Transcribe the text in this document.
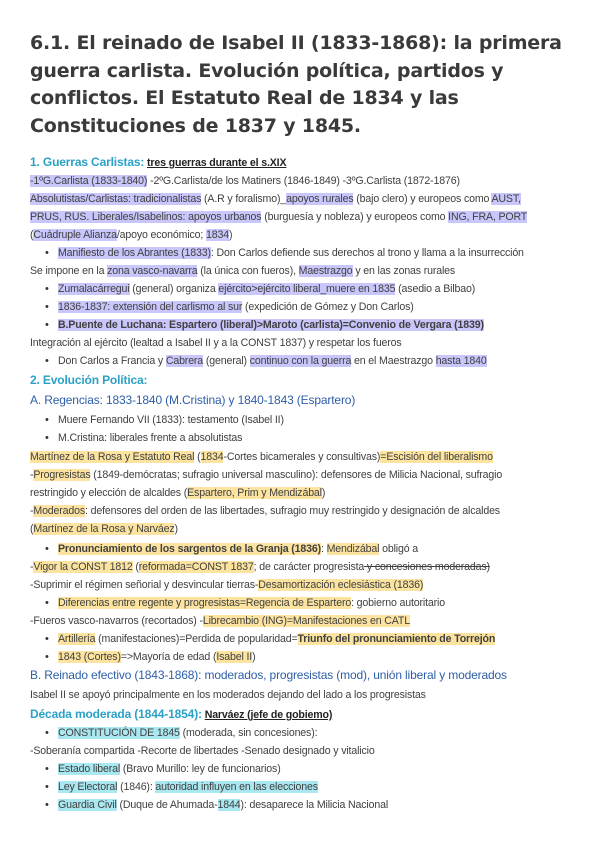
6.1. El reinado de Isabel II (1833-1868): la primera guerra carlista. Evolución política, partidos y conflictos. El Estatuto Real de 1834 y las Constituciones de 1837 y 1845.
1. Guerras Carlistas: tres guerras durante el s.XIX
-1ºG.Carlista (1833-1840) -2ºG.Carlista/de los Matiners (1846-1849) -3ºG.Carlista (1872-1876)
Absolutistas/Carlistas: tradicionalistas (A.R y foralismo)_apoyos rurales (bajo clero) y europeos como AUST,
PRUS, RUS. Liberales/Isabelinos: apoyos urbanos (burguesía y nobleza) y europeos como ING, FRA, PORT
(Cuádruple Alianza/apoyo económico; 1834)
• Manifiesto de los Abrantes (1833): Don Carlos defiende sus derechos al trono y llama a la insurrección
Se impone en la zona vasco-navarra (la única con fueros), Maestrazgo y en las zonas rurales
• Zumalacárregui (general) organiza ejército>ejército liberal_muere en 1835 (asedio a Bilbao)
• 1836-1837: extensión del carlismo al sur (expedición de Gómez y Don Carlos)
• B.Puente de Luchana: Espartero (liberal)>Maroto (carlista)=Convenio de Vergara (1839)
Integración al ejército (lealtad a Isabel II y a la CONST 1837) y respetar los fueros
• Don Carlos a Francia y Cabrera (general) continuo con la guerra en el Maestrazgo hasta 1840
2. Evolución Política:
A. Regencias: 1833-1840 (M.Cristina) y 1840-1843 (Espartero)
• Muere Fernando VII (1833): testamento (Isabel II)
• M.Cristina: liberales frente a absolutistas
Martínez de la Rosa y Estatuto Real (1834-Cortes bicamerales y consultivas)=Escisión del liberalismo
-Progresistas (1849-demócratas; sufragio universal masculino): defensores de Milicia Nacional, sufragio
restringido y elección de alcaldes (Espartero, Prim y Mendizábal)
-Moderados: defensores del orden de las libertades, sufragio muy restringido y designación de alcaldes
(Martínez de la Rosa y Narváez)
• Pronunciamiento de los sargentos de la Granja (1836): Mendizábal obligó a
-Vigor la CONST 1812 (reformada=CONST 1837; de carácter progresista y concesiones moderadas)
-Suprimir el régimen señorial y desvincular tierras-Desamortización eclesiástica (1836)
• Diferencias entre regente y progresistas=Regencia de Espartero: gobierno autoritario
-Fueros vasco-navarros (recortados) -Librecambio (ING)=Manifestaciones en CATL
• Artillería (manifestaciones)=Perdida de popularidad=Triunfo del pronunciamiento de Torrejón
• 1843 (Cortes)=>Mayoría de edad (Isabel II)
B. Reinado efectivo (1843-1868): moderados, progresistas (mod), unión liberal y moderados
Isabel II se apoyó principalmente en los moderados dejando del lado a los progresistas
Década moderada (1844-1854): Narváez (jefe de gobiemo)
• CONSTITUCIÓN DE 1845 (moderada, sin concesiones):
-Soberanía compartida -Recorte de libertades -Senado designado y vitalicio
• Estado liberal (Bravo Murillo: ley de funcionarios)
• Ley Electoral (1846): autoridad influyen en las elecciones
• Guardia Civil (Duque de Ahumada-1844): desaparece la Milicia Nacional
